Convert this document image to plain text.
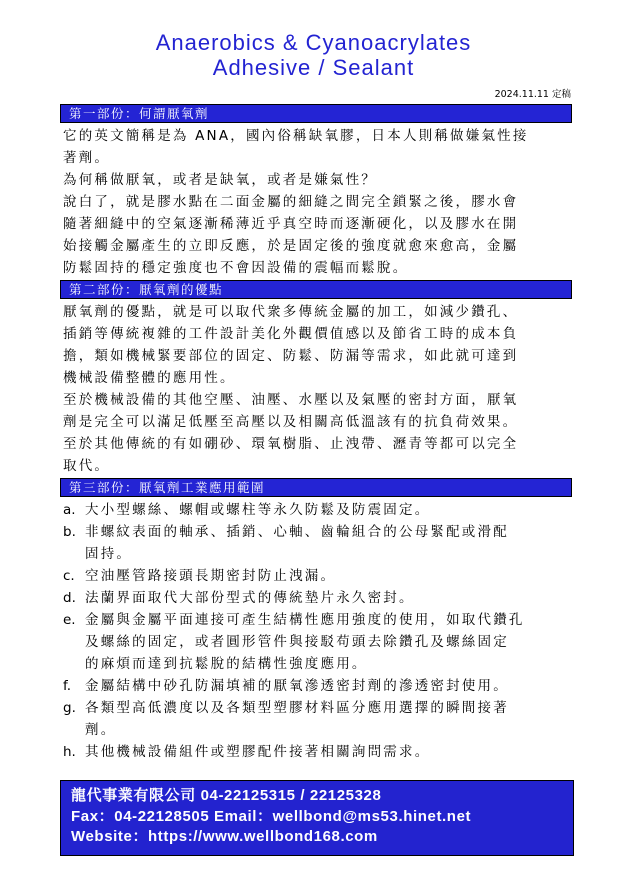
Anaerobics & Cyanoacrylates
Adhesive / Sealant
2024.11.11 定稿
第一部份：何謂厭氧劑
它的英文簡稱是為 ANA，國內俗稱缺氧膠，日本人則稱做嫌氣性接
著劑。
為何稱做厭氧，或者是缺氧，或者是嫌氣性？
說白了，就是膠水點在二面金屬的細縫之間完全鎖緊之後，膠水會
隨著細縫中的空氣逐漸稀薄近乎真空時而逐漸硬化，以及膠水在開
始接觸金屬產生的立即反應，於是固定後的強度就愈來愈高，金屬
防鬆固持的穩定強度也不會因設備的震幅而鬆脫。
第二部份：厭氧劑的優點
厭氧劑的優點，就是可以取代衆多傳統金屬的加工，如減少鑽孔、
插銷等傳統複雜的工件設計美化外觀價值感以及節省工時的成本負
擔，類如機械緊要部位的固定、防鬆、防漏等需求，如此就可達到
機械設備整體的應用性。
至於機械設備的其他空壓、油壓、水壓以及氣壓的密封方面，厭氧
劑是完全可以滿足低壓至高壓以及相關高低溫該有的抗負荷效果。
至於其他傳統的有如硼砂、環氧樹脂、止洩帶、瀝青等都可以完全
取代。
第三部份：厭氧劑工業應用範圍
a. 大小型螺絲、螺帽或螺柱等永久防鬆及防震固定。
b. 非螺紋表面的軸承、插銷、心軸、齒輪組合的公母緊配或滑配
固持。
c. 空油壓管路接頭長期密封防止洩漏。
d. 法蘭界面取代大部份型式的傳統墊片永久密封。
e. 金屬與金屬平面連接可產生結構性應用強度的使用，如取代鑽孔
及螺絲的固定，或者圓形管件與接駁苟頭去除鑽孔及螺絲固定
的麻煩而達到抗鬆脫的結構性強度應用。
f.	金屬結構中砂孔防漏填補的厭氧滲透密封劑的滲透密封使用。
g. 各類型高低濃度以及各類型塑膠材料區分應用選擇的瞬間接著
劑。
h. 其他機械設備組件或塑膠配件接著相關詢問需求。
龍代事業有限公司 04-22125315 / 22125328
Fax：04-22128505 Email：wellbond@ms53.hinet.net
Website：https://www.wellbond168.com
